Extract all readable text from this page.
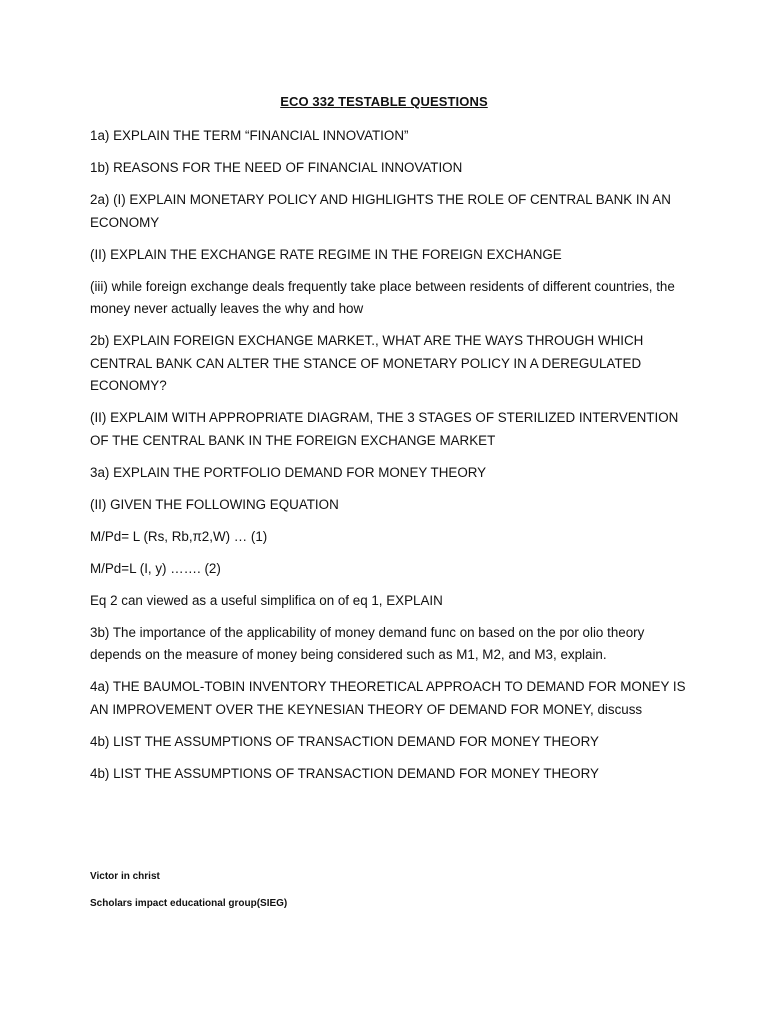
ECO 332 TESTABLE QUESTIONS

1a) EXPLAIN THE TERM “FINANCIAL INNOVATION”

1b) REASONS FOR THE NEED OF FINANCIAL INNOVATION

2a) (I) EXPLAIN MONETARY POLICY AND HIGHLIGHTS THE ROLE OF CENTRAL BANK IN AN ECONOMY

(II) EXPLAIN THE EXCHANGE RATE REGIME IN THE FOREIGN EXCHANGE

(iii) while foreign exchange deals frequently take place between residents of different countries, the money never actually leaves the why and how

2b) EXPLAIN FOREIGN EXCHANGE MARKET., WHAT ARE THE WAYS THROUGH WHICH CENTRAL BANK CAN ALTER THE STANCE OF MONETARY POLICY IN A DEREGULATED ECONOMY?

(II) EXPLAIM WITH APPROPRIATE DIAGRAM, THE 3 STAGES OF STERILIZED INTERVENTION OF THE CENTRAL BANK IN THE FOREIGN EXCHANGE MARKET

3a) EXPLAIN THE PORTFOLIO DEMAND FOR MONEY THEORY

(II) GIVEN THE FOLLOWING EQUATION

M/Pd= L (Rs, Rb,π2,W) … (1)

M/Pd=L (I, y) ……. (2)

Eq 2 can viewed as a useful simplifica on of eq 1, EXPLAIN

3b) The importance of the applicability of money demand func on based on the por olio theory depends on the measure of money being considered such as M1, M2, and M3, explain.

4a) THE BAUMOL-TOBIN INVENTORY THEORETICAL APPROACH TO DEMAND FOR MONEY IS AN IMPROVEMENT OVER THE KEYNESIAN THEORY OF DEMAND FOR MONEY, discuss

4b) LIST THE ASSUMPTIONS OF TRANSACTION DEMAND FOR MONEY THEORY

4b) LIST THE ASSUMPTIONS OF TRANSACTION DEMAND FOR MONEY THEORY

Victor in christ
Scholars impact educational group(SIEG)
